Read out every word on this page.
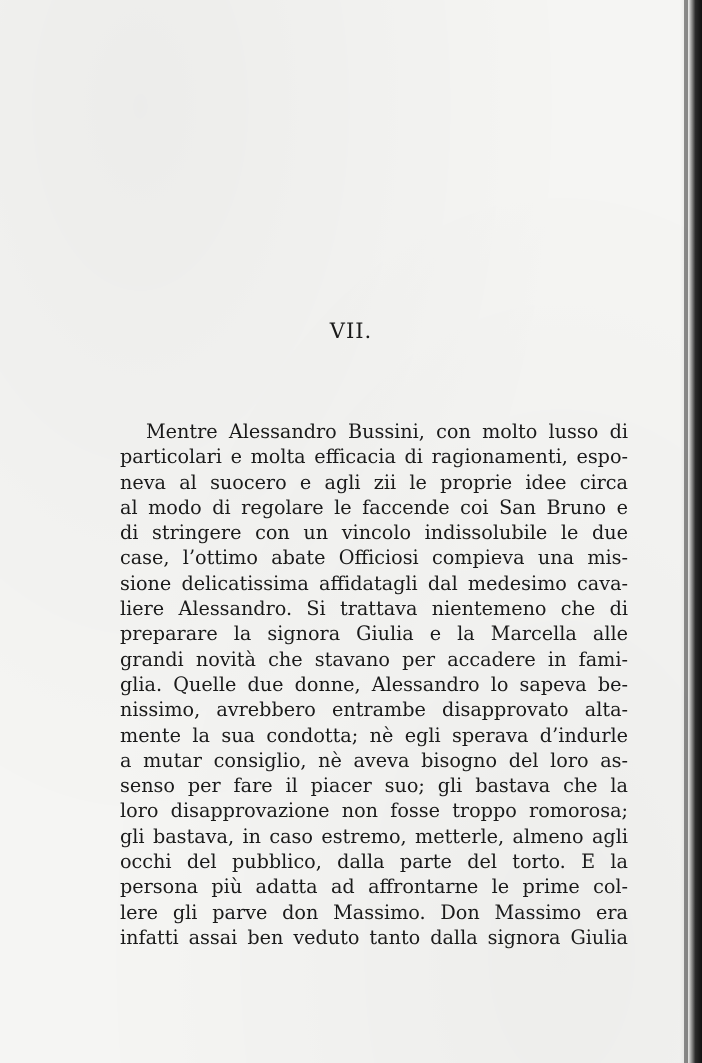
VII.
Mentre Alessandro Bussini, con molto lusso di
particolari e molta efficacia di ragionamenti, espo-
neva al suocero e agli zii le proprie idee circa
al modo di regolare le faccende coi San Bruno e
di stringere con un vincolo indissolubile le due
case, l’ottimo abate Officiosi compieva una mis-
sione delicatissima affidatagli dal medesimo cava-
liere Alessandro. Si trattava nientemeno che di
preparare la signora Giulia e la Marcella alle
grandi novità che stavano per accadere in fami-
glia. Quelle due donne, Alessandro lo sapeva be-
nissimo, avrebbero entrambe disapprovato alta-
mente la sua condotta; nè egli sperava d’indurle
a mutar consiglio, nè aveva bisogno del loro as-
senso per fare il piacer suo; gli bastava che la
loro disapprovazione non fosse troppo romorosa;
gli bastava, in caso estremo, metterle, almeno agli
occhi del pubblico, dalla parte del torto. E la
persona più adatta ad affrontarne le prime col-
lere gli parve don Massimo. Don Massimo era
infatti assai ben veduto tanto dalla signora Giulia
